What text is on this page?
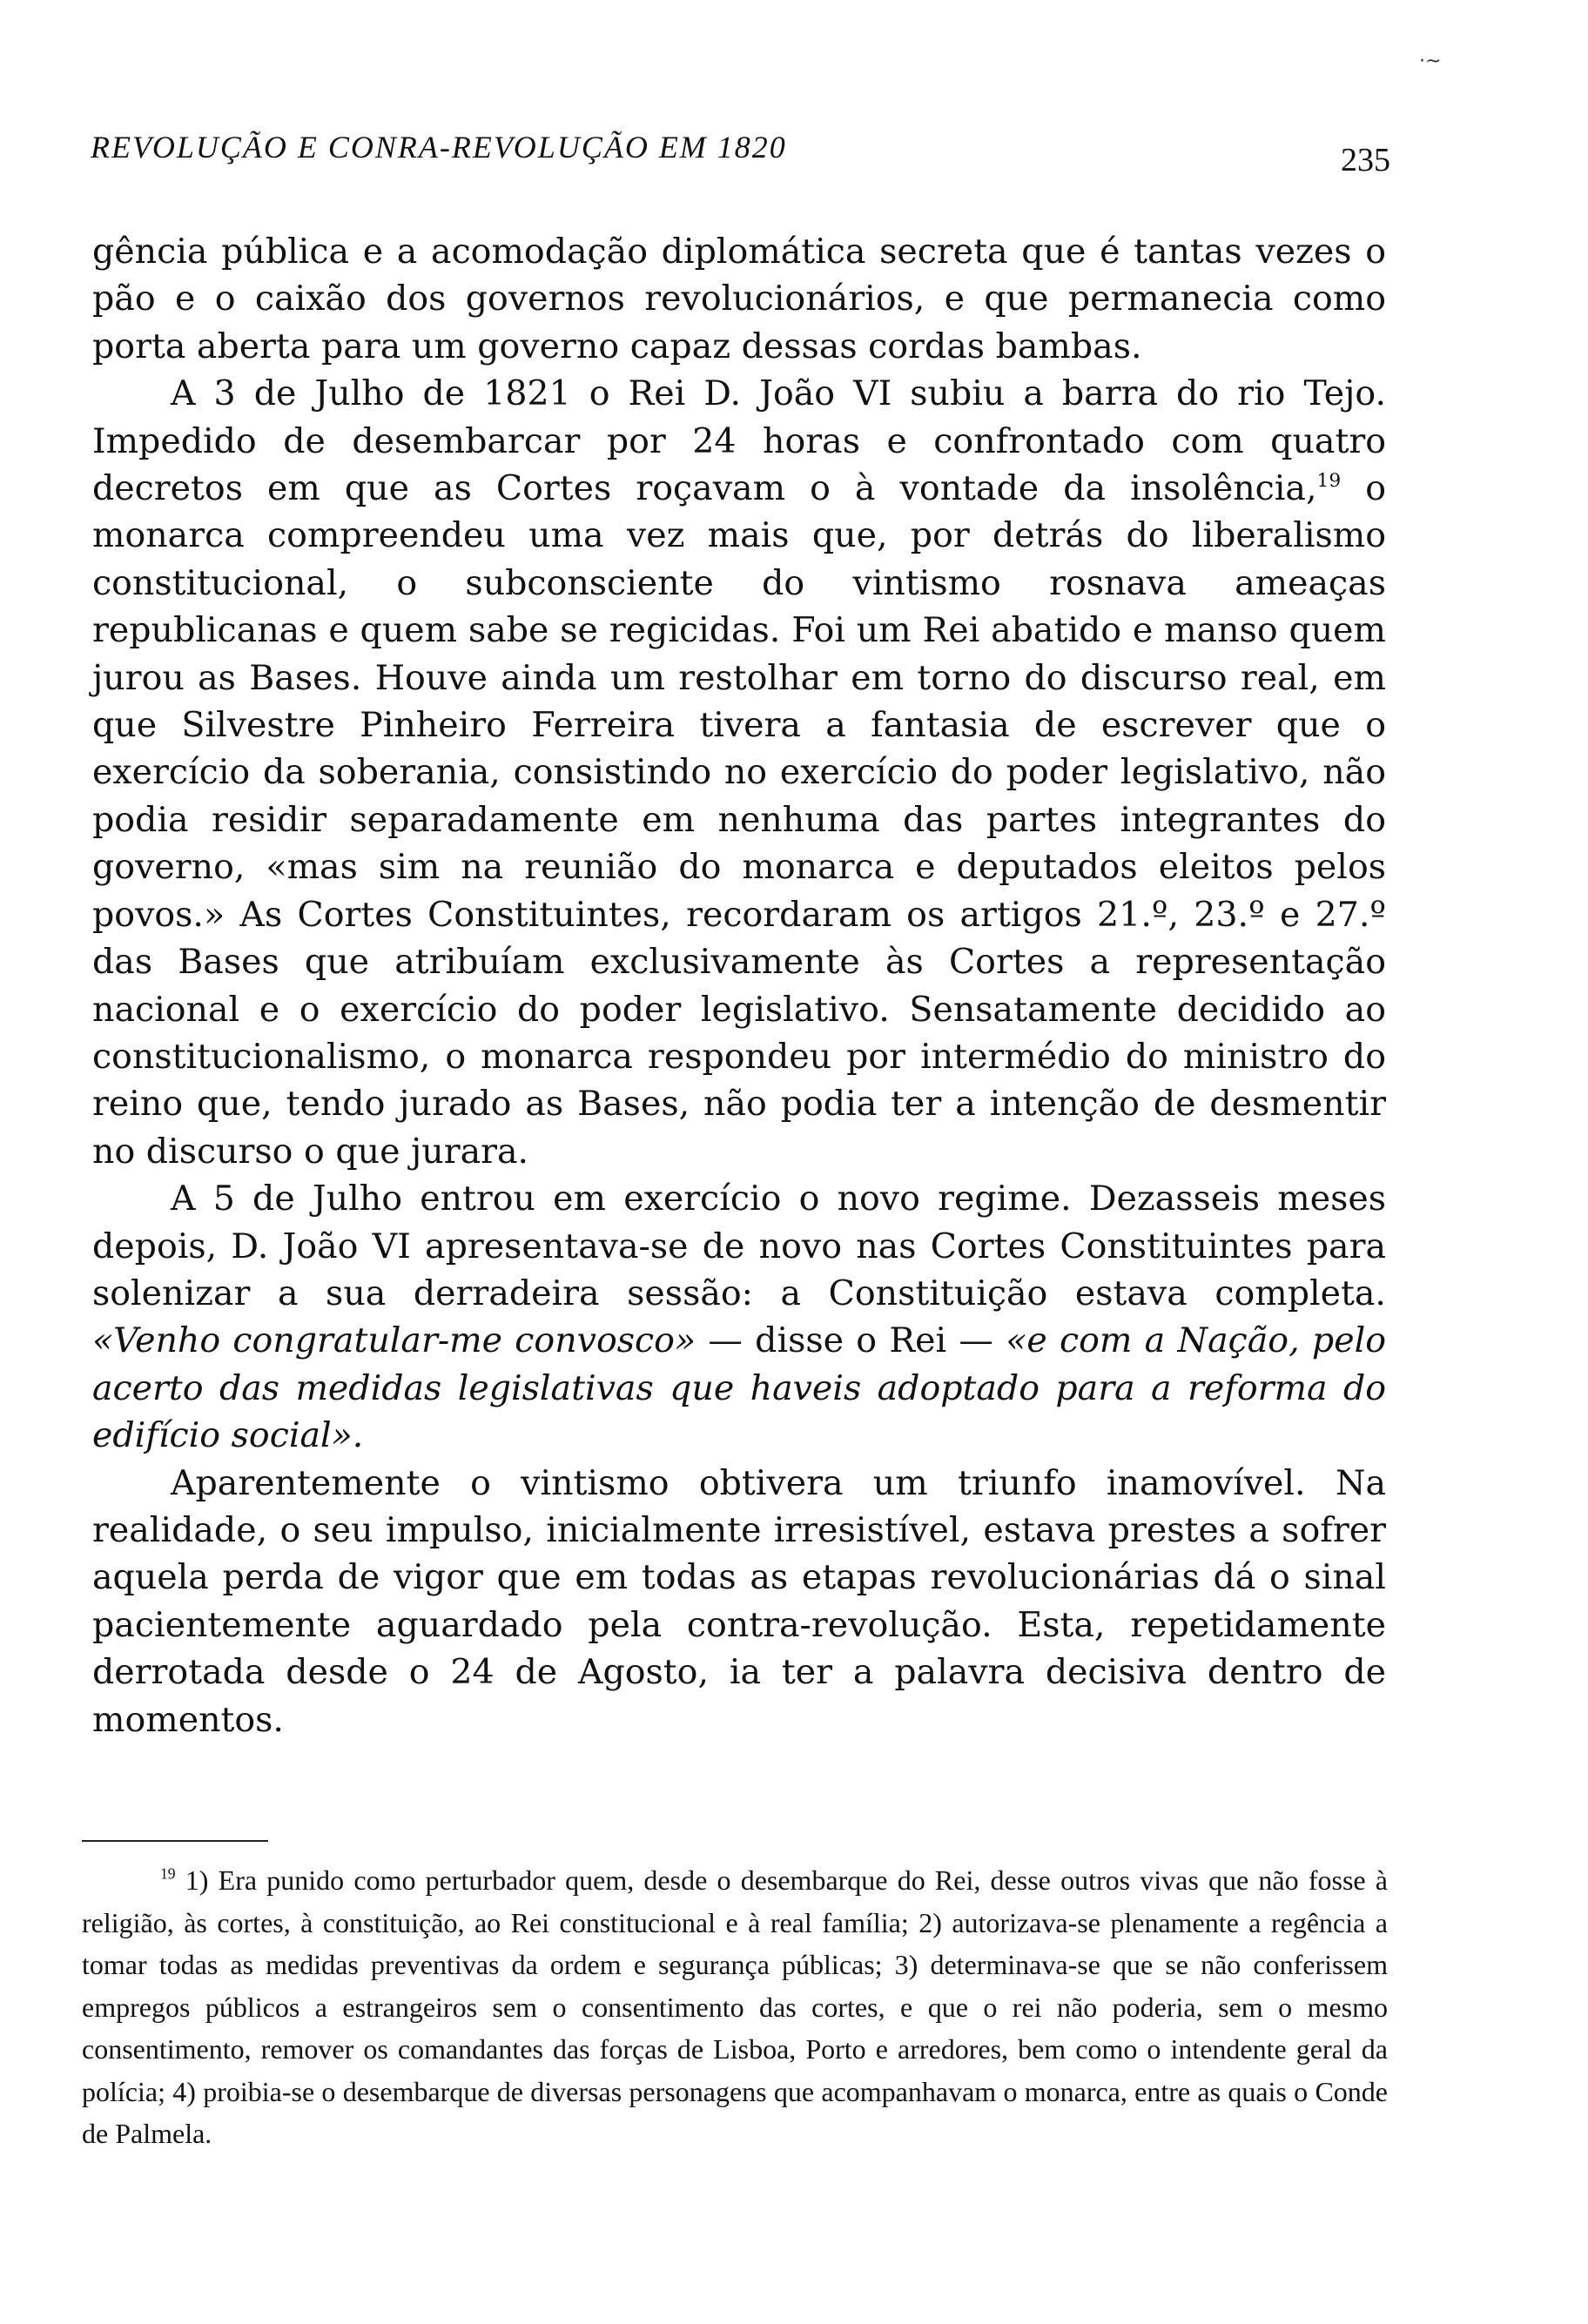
·~
REVOLUÇÃO E CONRA-REVOLUÇÃO EM 1820	235

gência pública e a acomodação diplomática secreta que é tantas vezes o pão e o caixão dos governos revolucionários, e que permanecia como porta aberta para um governo capaz dessas cordas bambas.

A 3 de Julho de 1821 o Rei D. João VI subiu a barra do rio Tejo. Impedido de desembarcar por 24 horas e confrontado com quatro decretos em que as Cortes roçavam o à vontade da insolência,$^{19}$ o monarca compreendeu uma vez mais que, por detrás do liberalismo constitucional, o subconsciente do vintismo rosnava ameaças republicanas e quem sabe se regicidas. Foi um Rei abatido e manso quem jurou as Bases. Houve ainda um restolhar em torno do discurso real, em que Silvestre Pinheiro Ferreira tivera a fantasia de escrever que o exercício da soberania, consistindo no exercício do poder legislativo, não podia residir separadamente em nenhuma das partes integrantes do governo, «mas sim na reunião do monarca e deputados eleitos pelos povos.» As Cortes Constituintes, recordaram os artigos 21.º, 23.º e 27.º das Bases que atribuíam exclusivamente às Cortes a representação nacional e o exercício do poder legislativo. Sensatamente decidido ao constitucionalismo, o monarca respondeu por intermédio do ministro do reino que, tendo jurado as Bases, não podia ter a intenção de desmentir no discurso o que jurara.

A 5 de Julho entrou em exercício o novo regime. Dezasseis meses depois, D. João VI apresentava-se de novo nas Cortes Constituintes para solenizar a sua derradeira sessão: a Constituição estava completa. «Venho congratular-me convosco» — disse o Rei — «e com a Nação, pelo acerto das medidas legislativas que haveis adoptado para a reforma do edifício social».

Aparentemente o vintismo obtivera um triunfo inamovível. Na realidade, o seu impulso, inicialmente irresistível, estava prestes a sofrer aquela perda de vigor que em todas as etapas revolucionárias dá o sinal pacientemente aguardado pela contra-revolução. Esta, repetidamente derrotada desde o 24 de Agosto, ia ter a palavra decisiva dentro de momentos.

$^{19}$ 1) Era punido como perturbador quem, desde o desembarque do Rei, desse outros vivas que não fosse à religião, às cortes, à constituição, ao Rei constitucional e à real família; 2) autorizava-se plenamente a regência a tomar todas as medidas preventivas da ordem e segurança públicas; 3) determinava-se que se não conferissem empregos públicos a estrangeiros sem o consentimento das cortes, e que o rei não poderia, sem o mesmo consentimento, remover os comandantes das forças de Lisboa, Porto e arredores, bem como o intendente geral da polícia; 4) proibia-se o desembarque de diversas personagens que acompanhavam o monarca, entre as quais o Conde de Palmela.
